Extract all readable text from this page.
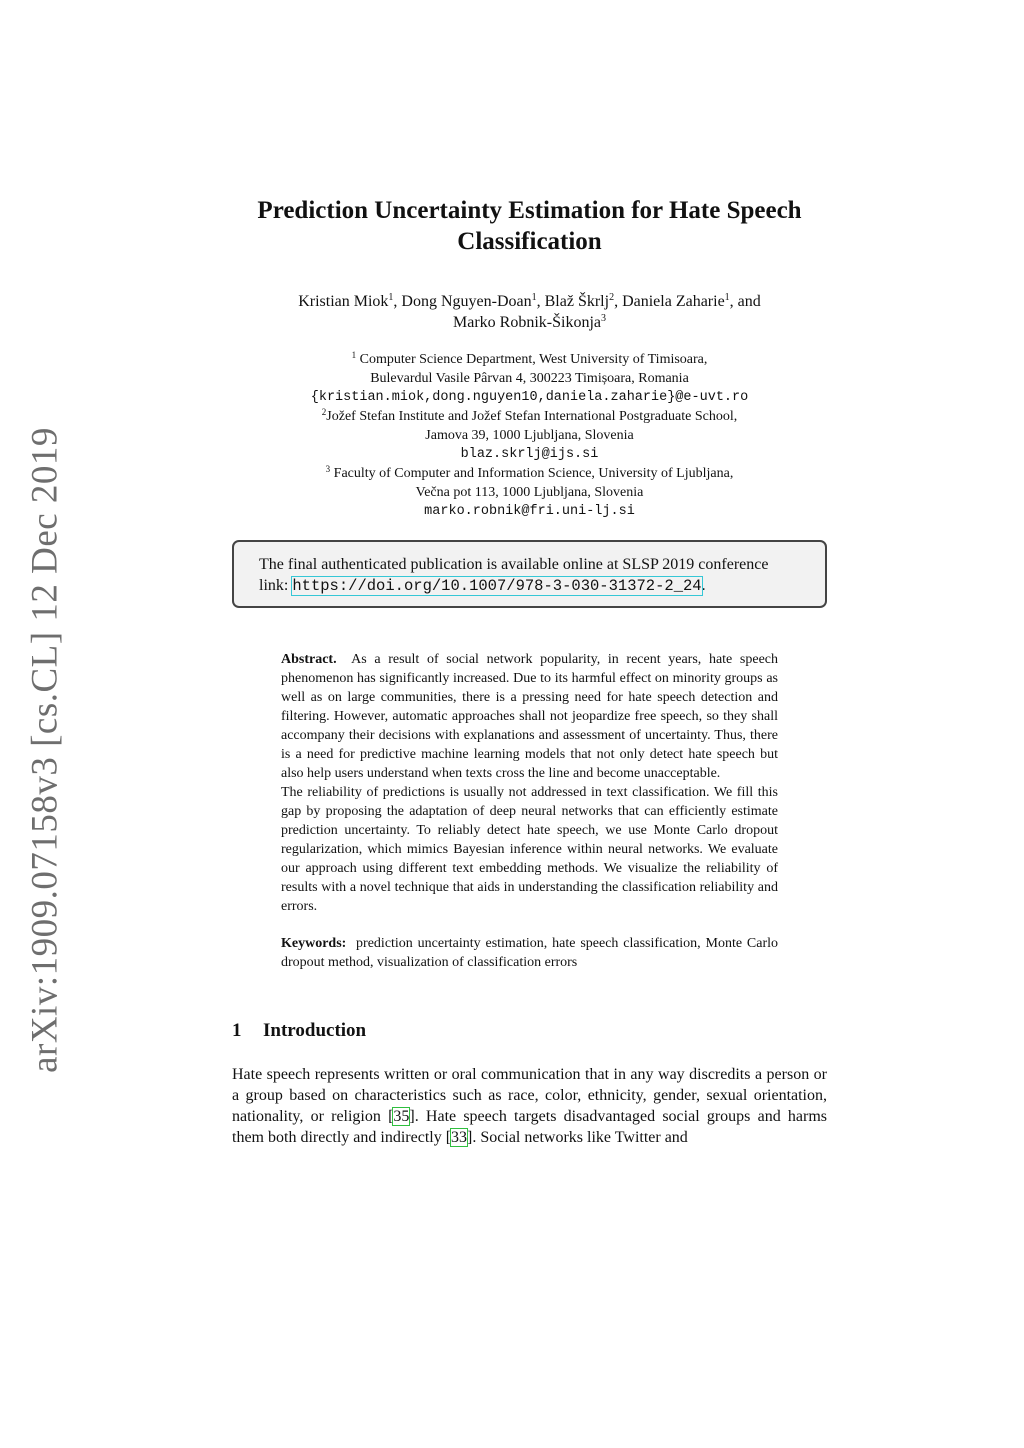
arXiv:1909.07158v3 [cs.CL] 12 Dec 2019
Prediction Uncertainty Estimation for Hate Speech
Classification
Kristian Miok$^1$, Dong Nguyen-Doan$^1$, Blaž Škrlj$^2$, Daniela Zaharie$^1$, and
Marko Robnik-Šikonja$^3$
$^1$ Computer Science Department, West University of Timisoara,
Bulevardul Vasile Pârvan 4, 300223 Timișoara, Romania
{kristian.miok,dong.nguyen10,daniela.zaharie}@e-uvt.ro
$^2$Jožef Stefan Institute and Jožef Stefan International Postgraduate School,
Jamova 39, 1000 Ljubljana, Slovenia
blaz.skrlj@ijs.si
$^3$ Faculty of Computer and Information Science, University of Ljubljana,
Večna pot 113, 1000 Ljubljana, Slovenia
marko.robnik@fri.uni-lj.si
The final authenticated publication is available online at SLSP 2019 conference link: https://doi.org/10.1007/978-3-030-31372-2_24.

Abstract. As a result of social network popularity, in recent years, hate speech phenomenon has significantly increased. Due to its harmful effect on minority groups as well as on large communities, there is a pressing need for hate speech detection and filtering. However, automatic approaches shall not jeopardize free speech, so they shall accompany their decisions with explanations and assessment of uncertainty. Thus, there is a need for predictive machine learning models that not only detect hate speech but also help users understand when texts cross the line and become unacceptable.

The reliability of predictions is usually not addressed in text classification. We fill this gap by proposing the adaptation of deep neural networks that can efficiently estimate prediction uncertainty. To reliably detect hate speech, we use Monte Carlo dropout regularization, which mimics Bayesian inference within neural networks. We evaluate our approach using different text embedding methods. We visualize the reliability of results with a novel technique that aids in understanding the classification reliability and errors.

Keywords: prediction uncertainty estimation, hate speech classification, Monte Carlo dropout method, visualization of classification errors

1 Introduction

Hate speech represents written or oral communication that in any way discredits a person or a group based on characteristics such as race, color, ethnicity, gender, sexual orientation, nationality, or religion [35]. Hate speech targets disadvantaged social groups and harms them both directly and indirectly [33]. Social networks like Twitter and
